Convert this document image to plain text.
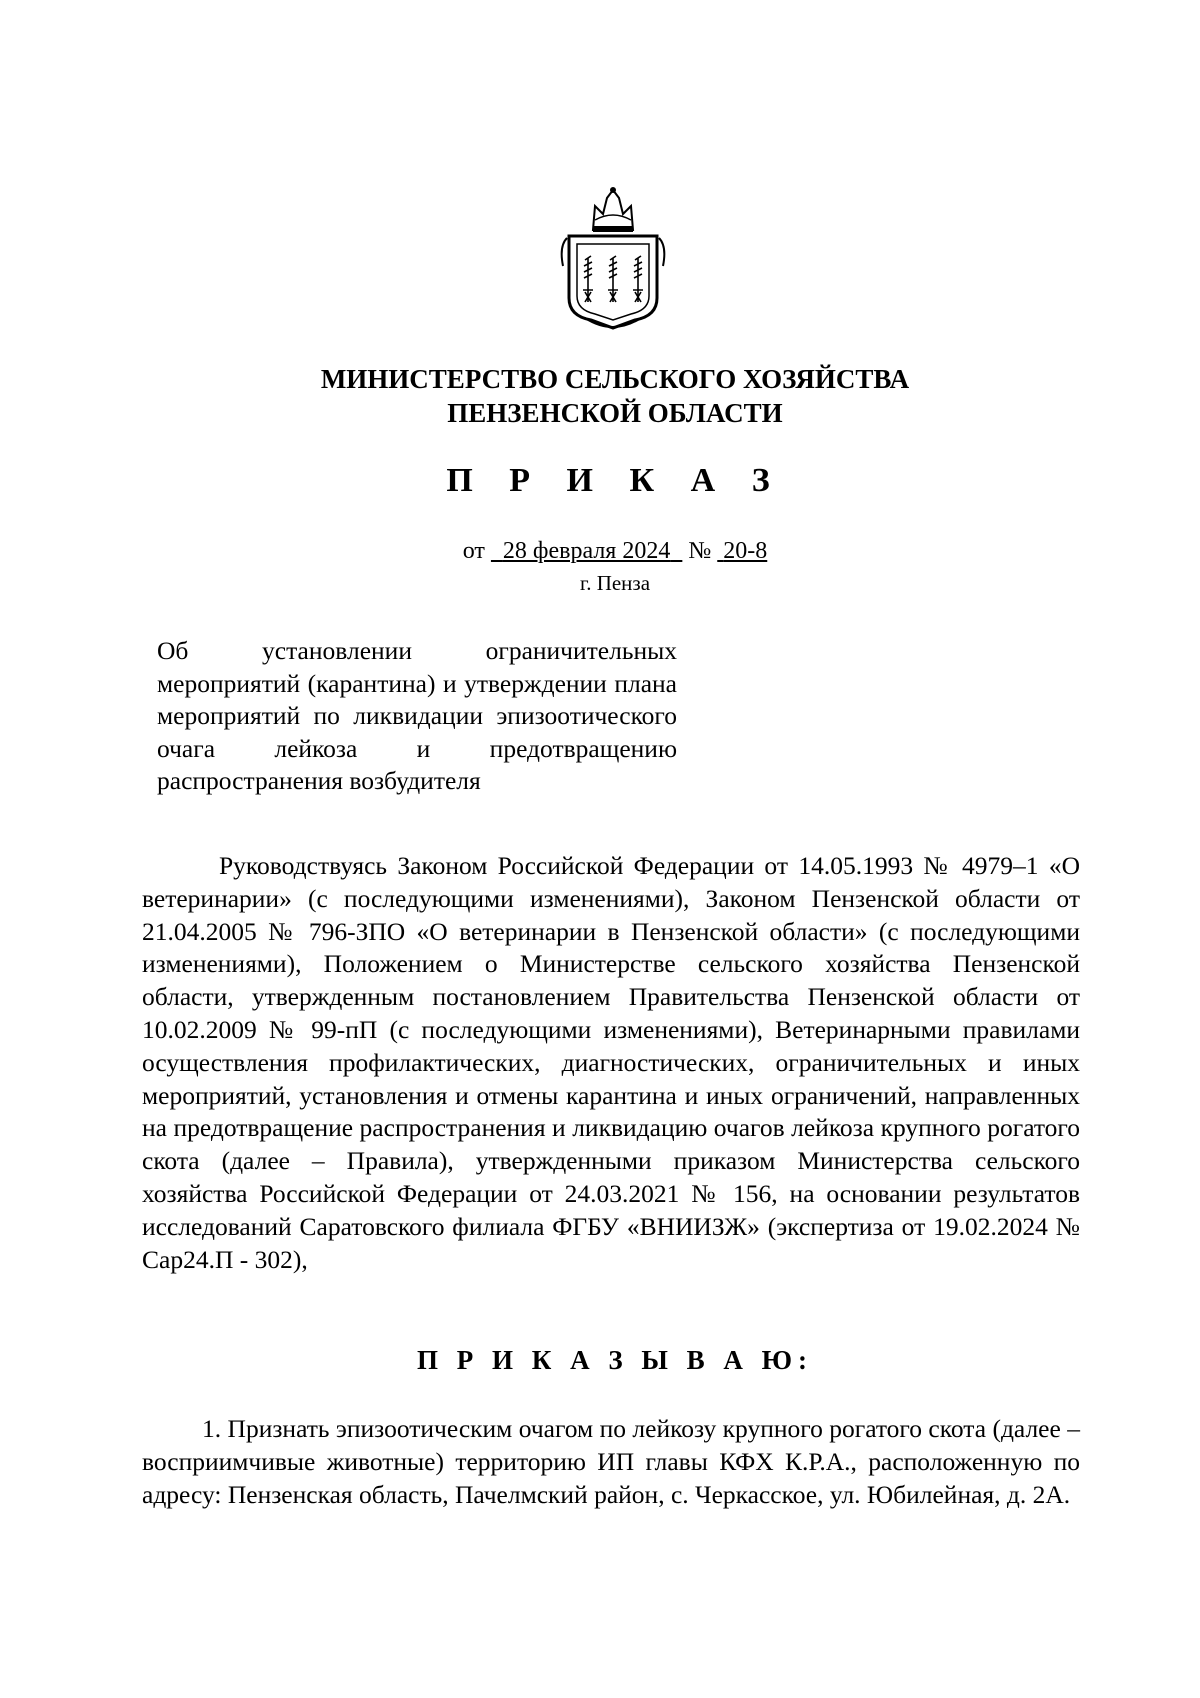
МИНИСТЕРСТВО СЕЛЬСКОГО ХОЗЯЙСТВА
ПЕНЗЕНСКОЙ ОБЛАСТИ
П Р И К А З
от 28 февраля 2024 № 20-8
г. Пенза
Об установлении ограничительных мероприятий (карантина) и утверждении плана мероприятий по ликвидации эпизоотического очага лейкоза и предотвращению распространения возбудителя
Руководствуясь Законом Российской Федерации от 14.05.1993 № 4979–1 «О ветеринарии» (с последующими изменениями), Законом Пензенской области от 21.04.2005 № 796-ЗПО «О ветеринарии в Пензенской области» (с последующими изменениями), Положением о Министерстве сельского хозяйства Пензенской области, утвержденным постановлением Правительства Пензенской области от 10.02.2009 № 99-пП (с последующими изменениями), Ветеринарными правилами осуществления профилактических, диагностических, ограничительных и иных мероприятий, установления и отмены карантина и иных ограничений, направленных на предотвращение распространения и ликвидацию очагов лейкоза крупного рогатого скота (далее – Правила), утвержденными приказом Министерства сельского хозяйства Российской Федерации от 24.03.2021 № 156, на основании результатов исследований Саратовского филиала ФГБУ «ВНИИЗЖ» (экспертиза от 19.02.2024 № Сар24.П - 302),
П Р И К А З Ы В А Ю:
1. Признать эпизоотическим очагом по лейкозу крупного рогатого скота (далее – восприимчивые животные) территорию ИП главы КФХ К.Р.А., расположенную по адресу: Пензенская область, Пачелмский район, с. Черкасское, ул. Юбилейная, д. 2А.
